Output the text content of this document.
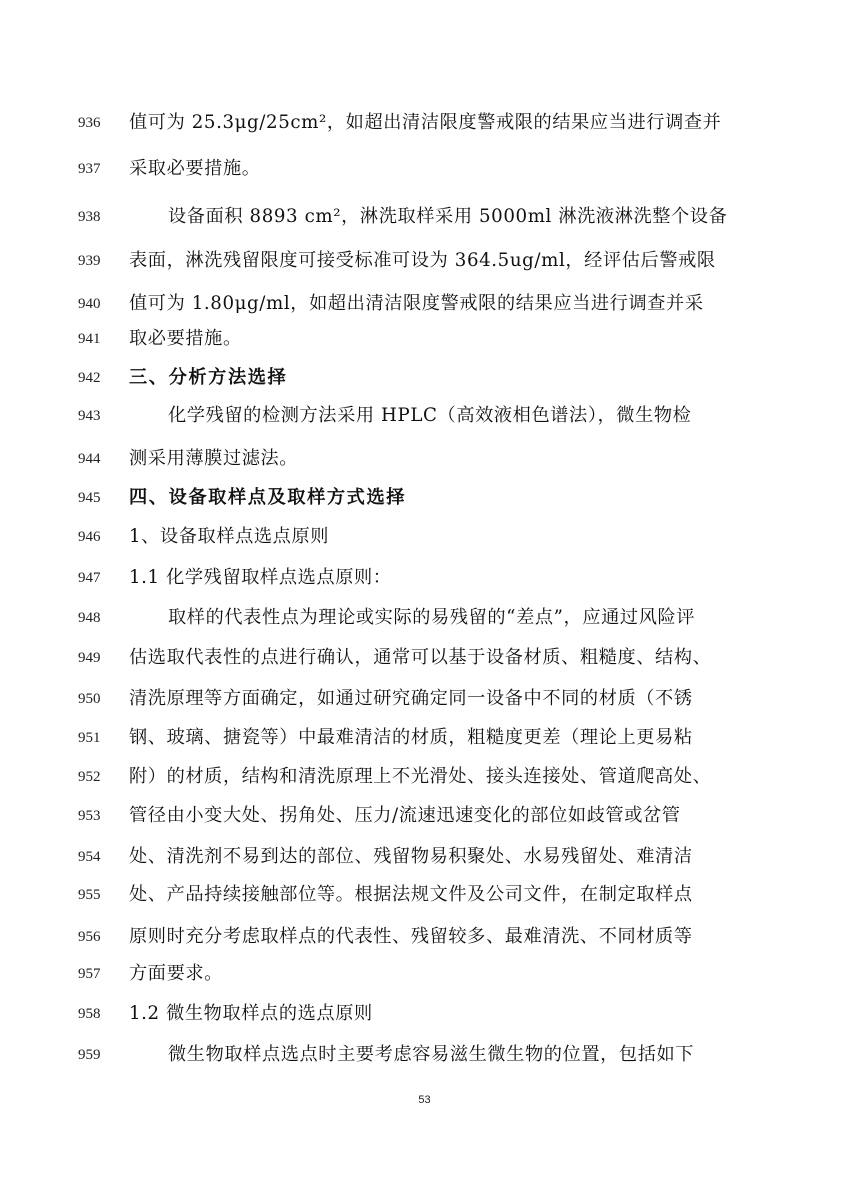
936	值可为 25.3μg/25cm²，如超出清洁限度警戒限的结果应当进行调查并
937	采取必要措施。
938	设备面积 8893 cm²，淋洗取样采用 5000ml 淋洗液淋洗整个设备
939	表面，淋洗残留限度可接受标准可设为 364.5ug/ml，经评估后警戒限
940	值可为 1.80μg/ml，如超出清洁限度警戒限的结果应当进行调查并采
941	取必要措施。
942	三、分析方法选择
943	化学残留的检测方法采用 HPLC（高效液相色谱法），微生物检
944	测采用薄膜过滤法。
945	四、设备取样点及取样方式选择
946	1、设备取样点选点原则
947	1.1 化学残留取样点选点原则：
948	取样的代表性点为理论或实际的易残留的“差点”，应通过风险评
949	估选取代表性的点进行确认，通常可以基于设备材质、粗糙度、结构、
950	清洗原理等方面确定，如通过研究确定同一设备中不同的材质（不锈
951	钢、玻璃、搪瓷等）中最难清洁的材质，粗糙度更差（理论上更易粘
952	附）的材质，结构和清洗原理上不光滑处、接头连接处、管道爬高处、
953	管径由小变大处、拐角处、压力/流速迅速变化的部位如歧管或岔管
954	处、清洗剂不易到达的部位、残留物易积聚处、水易残留处、难清洁
955	处、产品持续接触部位等。根据法规文件及公司文件，在制定取样点
956	原则时充分考虑取样点的代表性、残留较多、最难清洗、不同材质等
957	方面要求。
958	1.2 微生物取样点的选点原则
959	微生物取样点选点时主要考虑容易滋生微生物的位置，包括如下
53
